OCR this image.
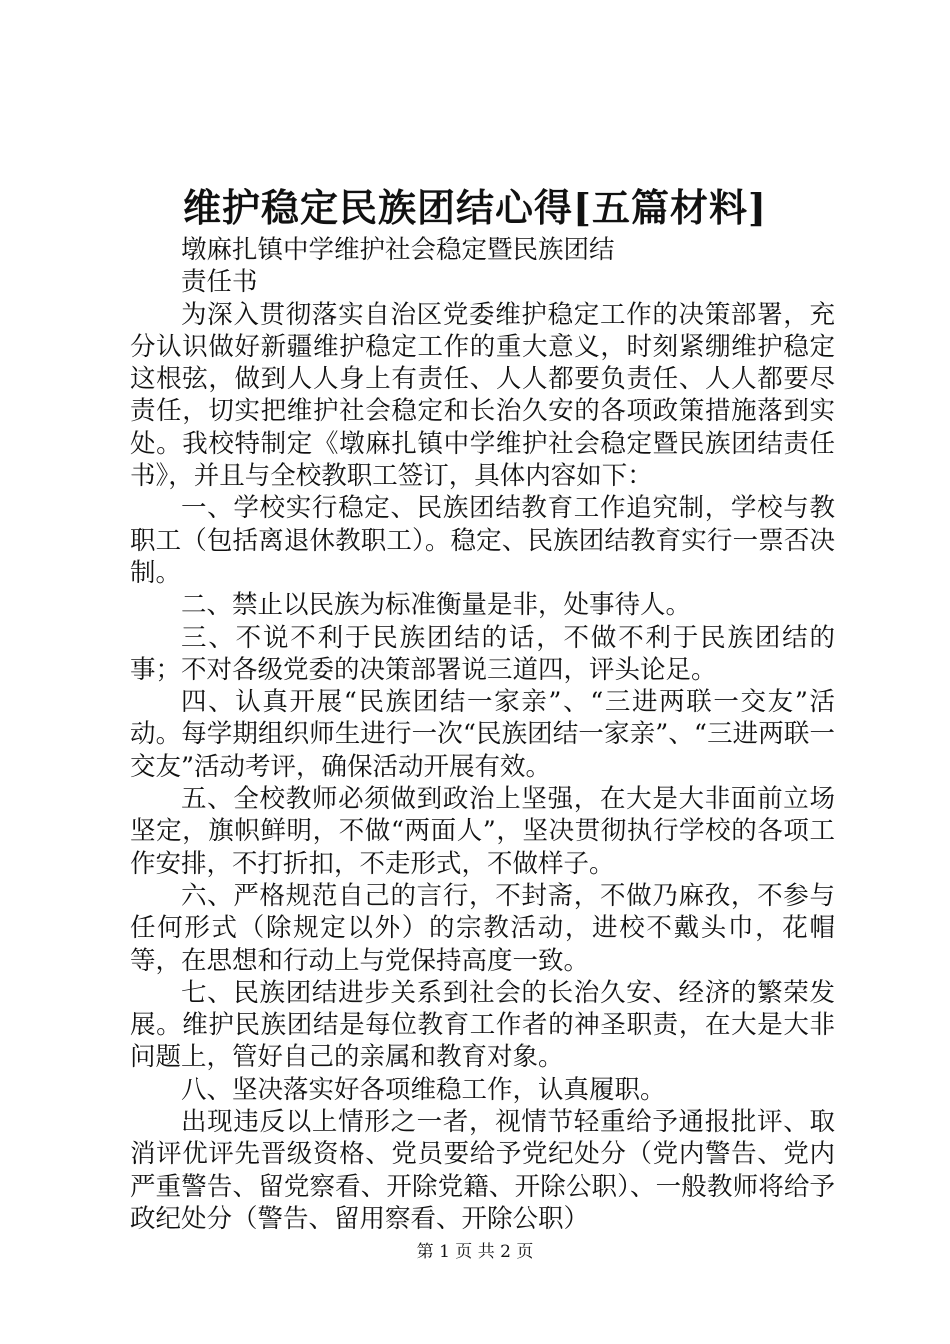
维护稳定民族团结心得[五篇材料]

墩麻扎镇中学维护社会稳定暨民族团结

责任书

为深入贯彻落实自治区党委维护稳定工作的决策部署，充分认识做好新疆维护稳定工作的重大意义，时刻紧绷维护稳定这根弦，做到人人身上有责任、人人都要负责任、人人都要尽责任，切实把维护社会稳定和长治久安的各项政策措施落到实处。我校特制定《墩麻扎镇中学维护社会稳定暨民族团结责任书》，并且与全校教职工签订，具体内容如下：

一、学校实行稳定、民族团结教育工作追究制，学校与教职工（包括离退休教职工）。稳定、民族团结教育实行一票否决制。

二、禁止以民族为标准衡量是非，处事待人。

三、不说不利于民族团结的话，不做不利于民族团结的事；不对各级党委的决策部署说三道四，评头论足。

四、认真开展“民族团结一家亲”、“三进两联一交友”活动。每学期组织师生进行一次“民族团结一家亲”、“三进两联一交友”活动考评，确保活动开展有效。

五、全校教师必须做到政治上坚强，在大是大非面前立场坚定，旗帜鲜明，不做“两面人”，坚决贯彻执行学校的各项工作安排，不打折扣，不走形式，不做样子。

六、严格规范自己的言行，不封斋，不做乃麻孜，不参与任何形式（除规定以外）的宗教活动，进校不戴头巾，花帽等，在思想和行动上与党保持高度一致。

七、民族团结进步关系到社会的长治久安、经济的繁荣发展。维护民族团结是每位教育工作者的神圣职责，在大是大非问题上，管好自己的亲属和教育对象。

八、坚决落实好各项维稳工作，认真履职。

出现违反以上情形之一者，视情节轻重给予通报批评、取消评优评先晋级资格、党员要给予党纪处分（党内警告、党内严重警告、留党察看、开除党籍、开除公职）、一般教师将给予政纪处分（警告、留用察看、开除公职）

第 1 页 共 2 页
